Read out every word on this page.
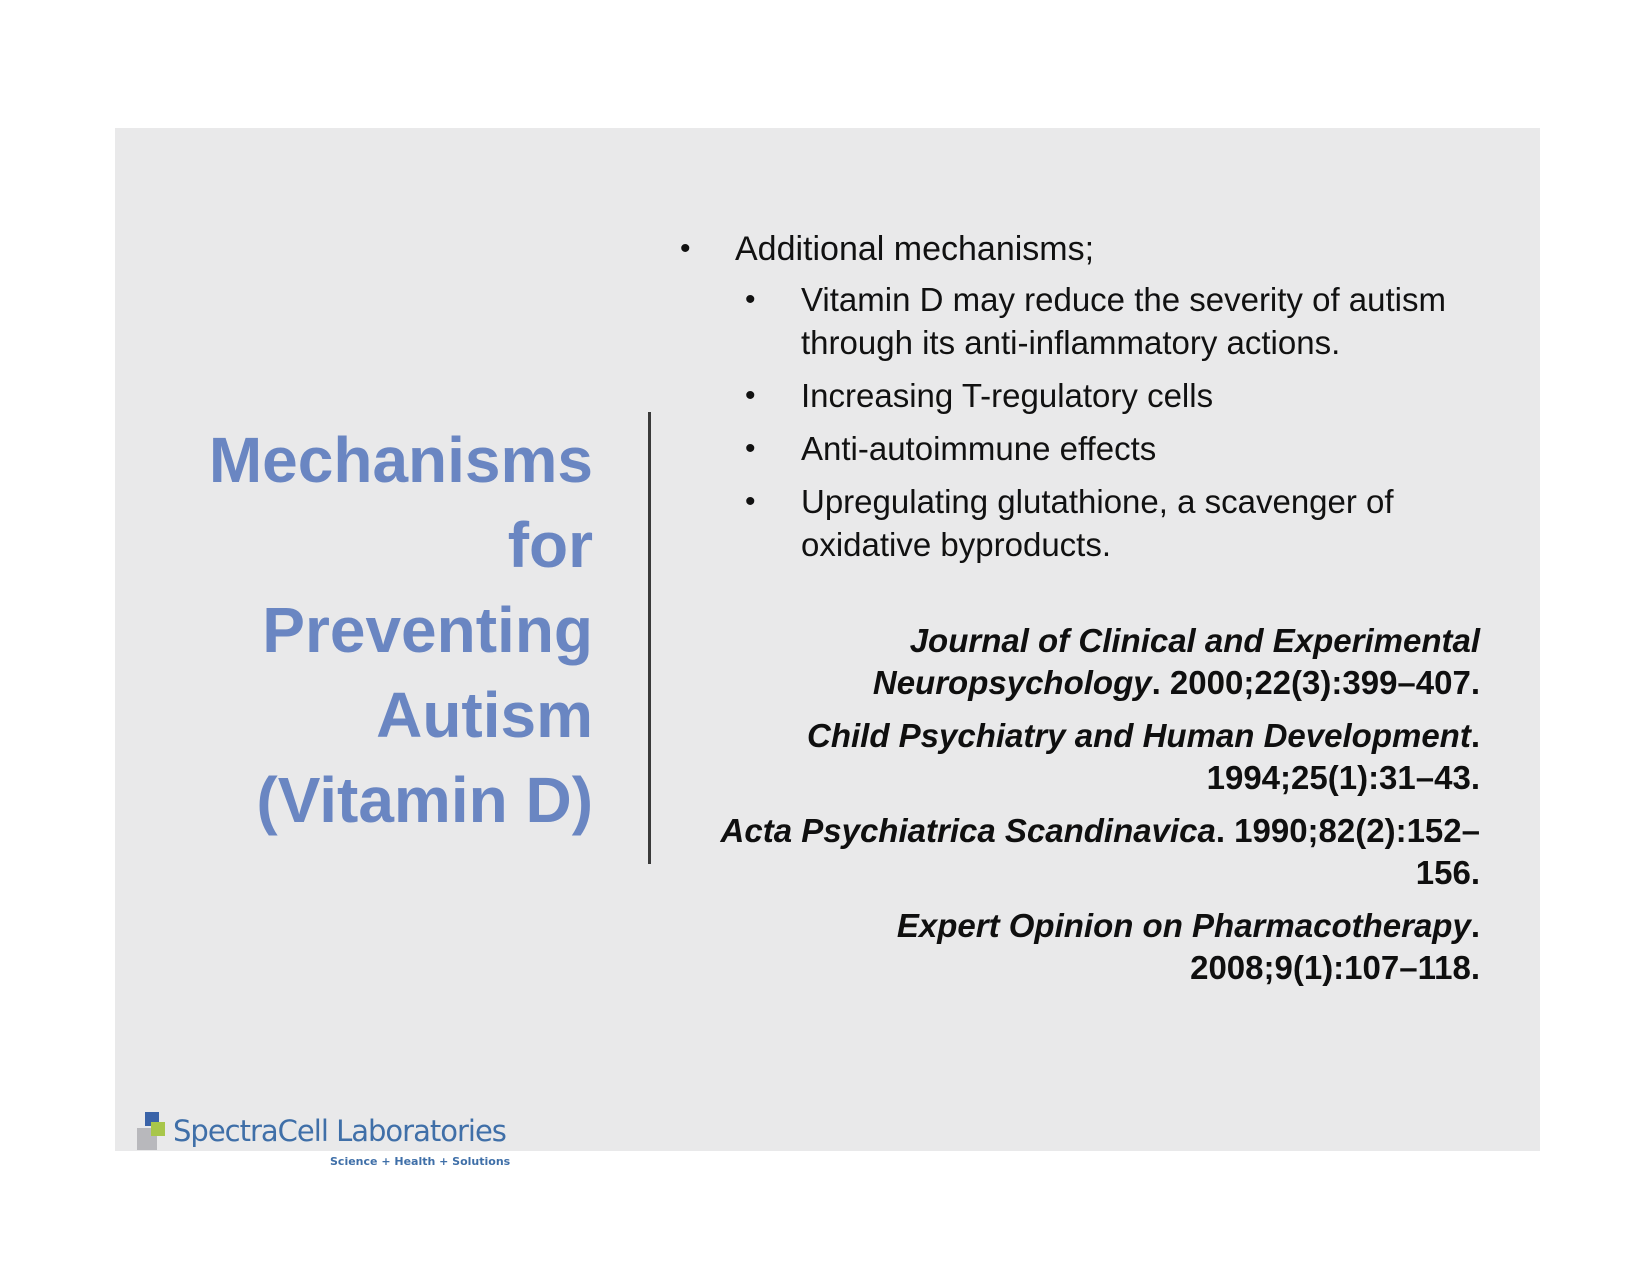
Mechanisms
for
Preventing
Autism
(Vitamin D)
• Additional mechanisms;
• Vitamin D may reduce the severity of autism through its anti-inflammatory actions.
• Increasing T-regulatory cells
• Anti-autoimmune effects
• Upregulating glutathione, a scavenger of oxidative byproducts.
Journal of Clinical and Experimental Neuropsychology. 2000;22(3):399–407.
Child Psychiatry and Human Development. 1994;25(1):31–43.
Acta Psychiatrica Scandinavica. 1990;82(2):152–156.
Expert Opinion on Pharmacotherapy. 2008;9(1):107–118.
SpectraCell Laboratories
Science + Health + Solutions
